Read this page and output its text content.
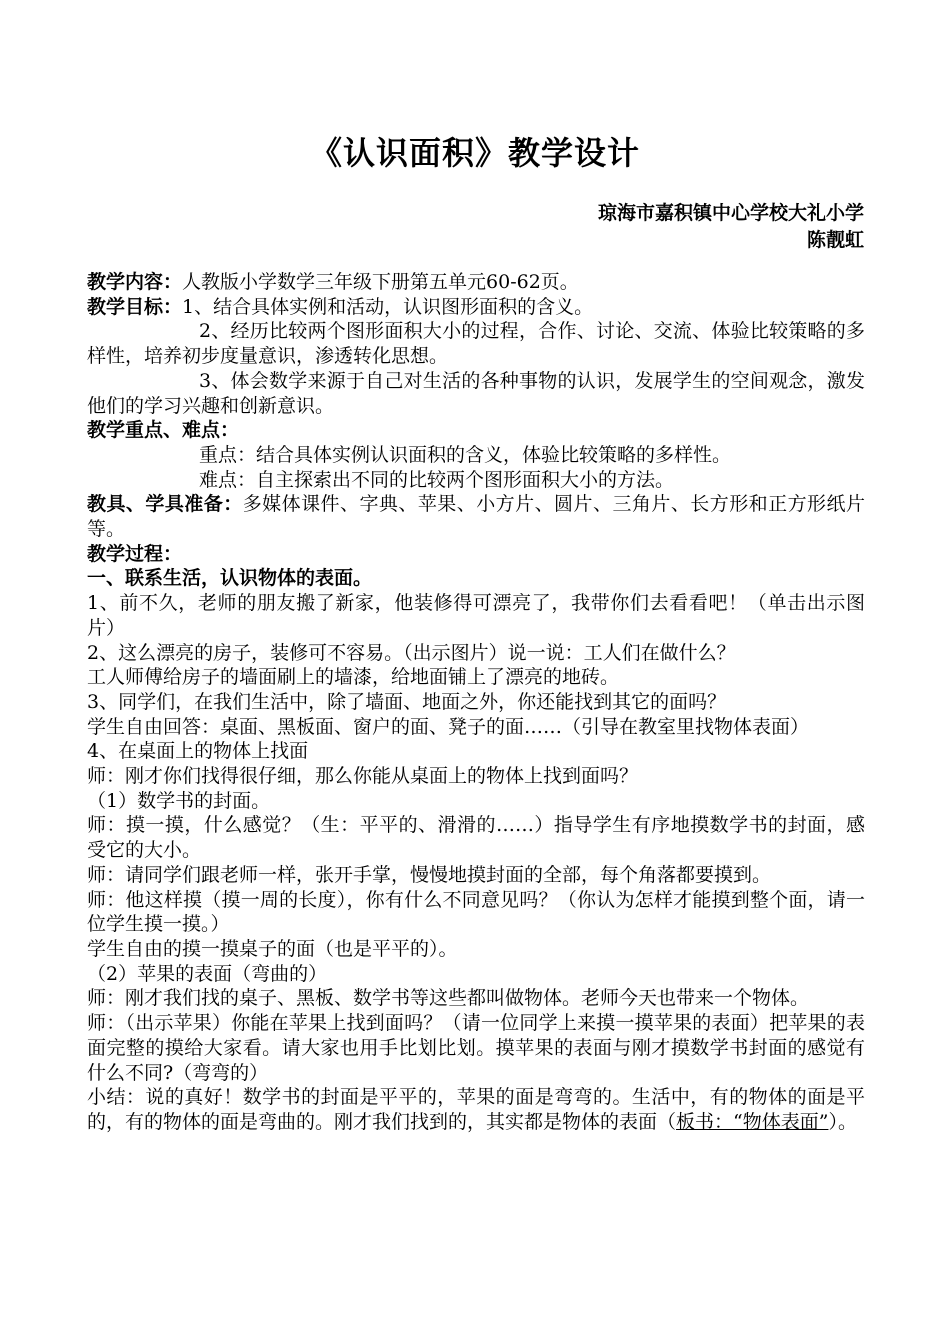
《认识面积》教学设计
琼海市嘉积镇中心学校大礼小学
陈靓虹

教学内容：人教版小学数学三年级下册第五单元60-62页。

教学目标：1、结合具体实例和活动，认识图形面积的含义。

2、经历比较两个图形面积大小的过程，合作、讨论、交流、体验比较策略的多样性，培养初步度量意识，渗透转化思想。

3、体会数学来源于自己对生活的各种事物的认识，发展学生的空间观念，激发他们的学习兴趣和创新意识。

教学重点、难点：

重点：结合具体实例认识面积的含义，体验比较策略的多样性。

难点：自主探索出不同的比较两个图形面积大小的方法。

教具、学具准备：多媒体课件、字典、苹果、小方片、圆片、三角片、长方形和正方形纸片等。

教学过程：

一、联系生活，认识物体的表面。

1、前不久，老师的朋友搬了新家，他装修得可漂亮了，我带你们去看看吧！（单击出示图片）

2、这么漂亮的房子，装修可不容易。（出示图片）说一说：工人们在做什么？

工人师傅给房子的墙面刷上的墙漆，给地面铺上了漂亮的地砖。

3、同学们，在我们生活中，除了墙面、地面之外，你还能找到其它的面吗？

学生自由回答：桌面、黑板面、窗户的面、凳子的面……（引导在教室里找物体表面）

4、在桌面上的物体上找面

师：刚才你们找得很仔细，那么你能从桌面上的物体上找到面吗？

（1）数学书的封面。

师：摸一摸，什么感觉？（生：平平的、滑滑的……）指导学生有序地摸数学书的封面，感受它的大小。

师：请同学们跟老师一样，张开手掌，慢慢地摸封面的全部，每个角落都要摸到。

师：他这样摸（摸一周的长度），你有什么不同意见吗？（你认为怎样才能摸到整个面，请一位学生摸一摸。）

学生自由的摸一摸桌子的面（也是平平的）。

（2）苹果的表面（弯曲的）

师：刚才我们找的桌子、黑板、数学书等这些都叫做物体。老师今天也带来一个物体。

师：（出示苹果）你能在苹果上找到面吗？（请一位同学上来摸一摸苹果的表面）把苹果的表面完整的摸给大家看。请大家也用手比划比划。摸苹果的表面与刚才摸数学书封面的感觉有什么不同?（弯弯的）

小结：说的真好！数学书的封面是平平的，苹果的面是弯弯的。生活中，有的物体的面是平的，有的物体的面是弯曲的。刚才我们找到的，其实都是物体的表面（板书：“物体表面”）。
